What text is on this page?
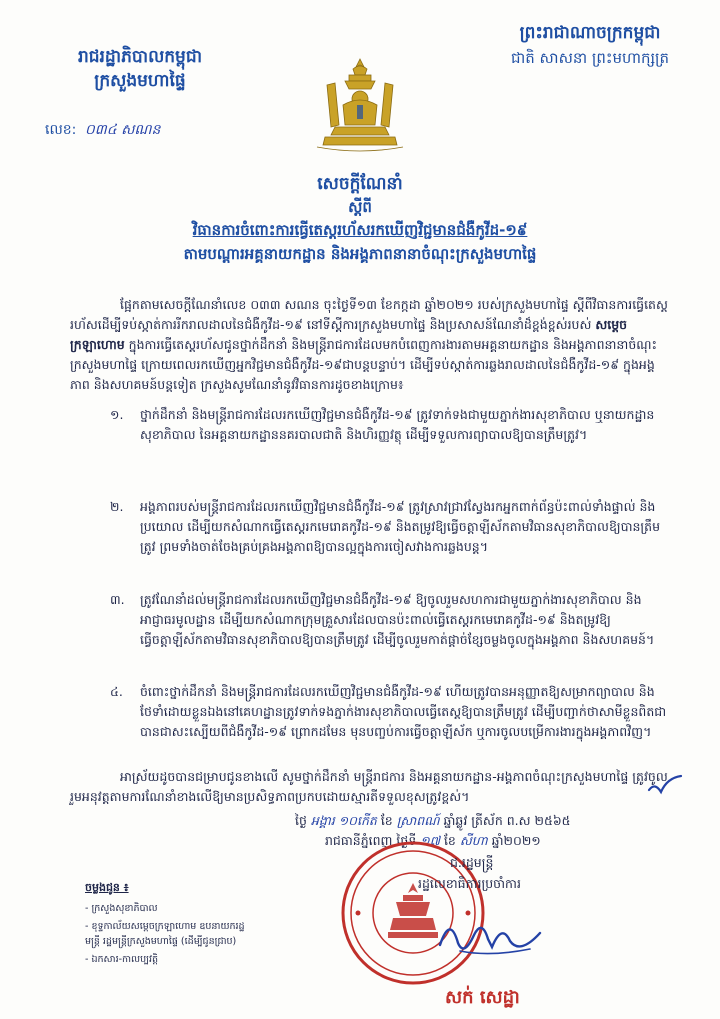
រាជរដ្ឋាភិបាលកម្ពុជា
ក្រសួងមហាផ្ទៃ
លេខ: ០៣៤ សណន
ព្រះរាជាណាចក្រកម្ពុជា
ជាតិ សាសនា ព្រះមហាក្សត្រ
សេចក្តីណែនាំ
ស្តីពី
វិធានការចំពោះការធ្វើតេស្តរហ័សរកឃើញវិជ្ជមានជំងឺកូវីដ-១៩
តាមបណ្តារអគ្គនាយកដ្ឋាន និងអង្គភាពនានាចំណុះក្រសួងមហាផ្ទៃ
ផ្អែកតាមសេចក្តីណែនាំលេខ ០៣៣ សណន ចុះថ្ងៃទី១៣ ខែកក្កដា ឆ្នាំ២០២១ របស់ក្រសួងមហាផ្ទៃ ស្តីពីវិធានការធ្វើតេស្តរហ័សដើម្បីទប់ស្កាត់ការរីករាលដាលនៃជំងឺកូវីដ-១៩ នៅទីស្តីការក្រសួងមហាផ្ទៃ និងប្រសាសន៍ណែនាំដ៏ខ្ពង់ខ្ពស់របស់ សម្តេចក្រឡាហោម ក្នុងការធ្វើតេស្តរហ័សជូនថ្នាក់ដឹកនាំ និងមន្ត្រីរាជការដែលមកបំពេញការងារតាមអគ្គនាយកដ្ឋាន និងអង្គភាពនានាចំណុះក្រសួងមហាផ្ទៃ ក្រោយពេលរកឃើញអ្នកវិជ្ជមានជំងឺកូវីដ-១៩ជាបន្តបន្ទាប់។ ដើម្បីទប់ស្កាត់ការឆ្លងរាលដាលនៃជំងឺកូវីដ-១៩ ក្នុងអង្គភាព និងសហគមន៍បន្តទៀត ក្រសួងសូមណែនាំនូវវិធានការដូចខាងក្រោម៖
១. ថ្នាក់ដឹកនាំ និងមន្ត្រីរាជការដែលរកឃើញវិជ្ជមានជំងឺកូវីដ-១៩ ត្រូវទាក់ទងជាមួយភ្នាក់ងារសុខាភិបាល ឬនាយកដ្ឋានសុខាភិបាល នៃអគ្គនាយកដ្ឋាននគរបាលជាតិ និងហិរញ្ញវត្ថុ ដើម្បីទទួលការព្យាបាលឱ្យបានត្រឹមត្រូវ។
២. អង្គភាពរបស់មន្ត្រីរាជការដែលរកឃើញវិជ្ជមានជំងឺកូវីដ-១៩ ត្រូវស្រាវជ្រាវស្វែងរកអ្នកពាក់ព័ន្ធប៉ះពាល់ទាំងផ្ទាល់ និងប្រយោល ដើម្បីយកសំណាកធ្វើតេស្តរកមេរោគកូវីដ-១៩ និងតម្រូវឱ្យធ្វើចត្តាឡីស័កតាមវិធានសុខាភិបាលឱ្យបានត្រឹមត្រូវ ព្រមទាំងចាត់ចែងគ្រប់គ្រងអង្គភាពឱ្យបានល្អក្នុងការចៀសវាងការឆ្លងបន្ត។
៣. ត្រូវណែនាំដល់មន្ត្រីរាជការដែលរកឃើញវិជ្ជមានជំងឺកូវីដ-១៩ ឱ្យចូលរួមសហការជាមួយភ្នាក់ងារសុខាភិបាល និងអាជ្ញាធរមូលដ្ឋាន ដើម្បីយកសំណាកក្រុមគ្រួសារដែលបានប៉ះពាល់ធ្វើតេស្តរកមេរោគកូវីដ-១៩ និងតម្រូវឱ្យធ្វើចត្តាឡីស័កតាមវិធានសុខាភិបាលឱ្យបានត្រឹមត្រូវ ដើម្បីចូលរួមកាត់ផ្តាច់ខ្សែចម្លងចូលក្នុងអង្គភាព និងសហគមន៍។
៤. ចំពោះថ្នាក់ដឹកនាំ និងមន្ត្រីរាជការដែលរកឃើញវិជ្ជមានជំងឺកូវីដ-១៩ ហើយត្រូវបានអនុញ្ញាតឱ្យសម្រាកព្យាបាល និងថែទាំដោយខ្លួនឯងនៅគេហដ្ឋានត្រូវទាក់ទងភ្នាក់ងារសុខាភិបាលធ្វើតេស្តឱ្យបានត្រឹមត្រូវ ដើម្បីបញ្ជាក់ថាសាមីខ្លួនពិតជាបានជាសះស្បើយពីជំងឺកូវីដ-១៩ ព្រោកដមែន មុនបញ្ចប់ការធ្វើចត្តាឡីស័ក ឬការចូលបម្រើការងារក្នុងអង្គភាពវិញ។
អាស្រ័យដូចបានជម្រាបជូនខាងលើ សូមថ្នាក់ដឹកនាំ មន្ត្រីរាជការ និងអគ្គនាយកដ្ឋាន-អង្គភាពចំណុះក្រសួងមហាផ្ទៃ ត្រូវចូលរួមអនុវត្តតាមការណែនាំខាងលើឱ្យមានប្រសិទ្ធភាពប្រកបដោយស្មារតីទទួលខុសត្រូវខ្ពស់។
ថ្ងៃ អង្គារ ១០កើត ខែ ស្រាពណ៍ ឆ្នាំឆ្លូវ ត្រីស័ក ព.ស ២៥៦៥
រាជធានីភ្នំពេញ ថ្ងៃទី ១៧ ខែ សីហា ឆ្នាំ២០២១
ចម្លងជូន ៖
- ក្រសួងសុខាភិបាល
- ខុទ្ទកាល័យសម្តេចក្រឡាហោម ឧបនាយករដ្ឋមន្ត្រី រដ្ឋមន្ត្រីក្រសួងមហាផ្ទៃ (ដើម្បីជូនជ្រាប)
- ឯកសារ-កាលប្បវត្តិ
ជ.រដ្ឋមន្ត្រី
រដ្ឋលេខាធិការប្រចាំការ
សក់ សេដ្ឋា
